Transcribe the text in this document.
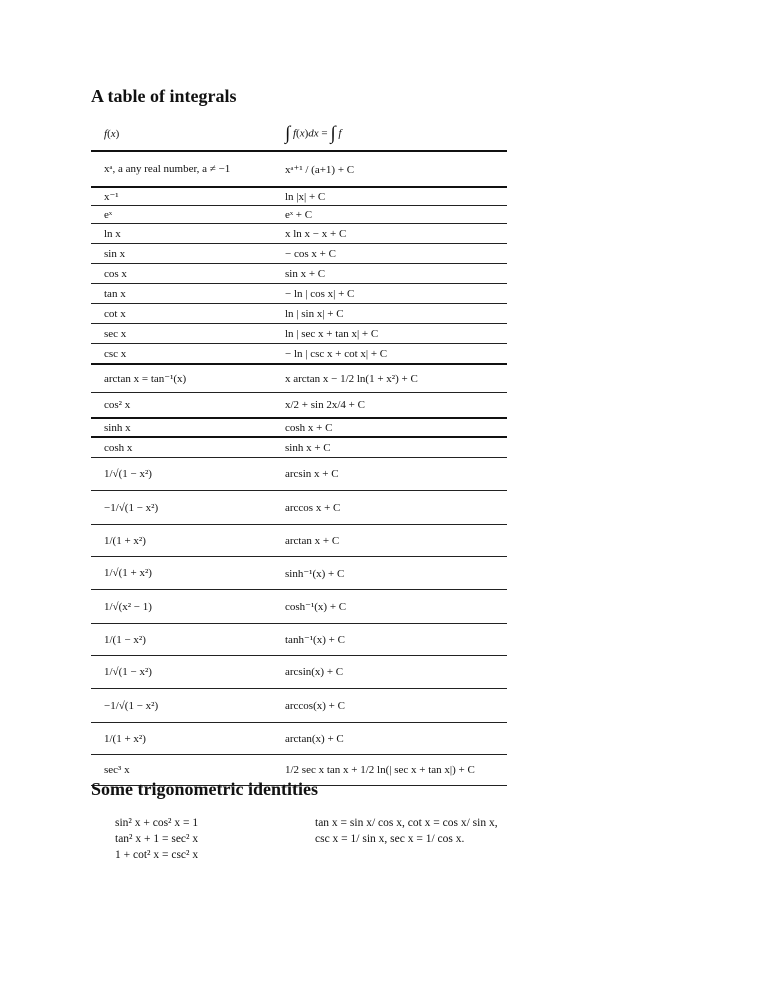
A table of integrals
f(x)	∫ f(x)dx = ∫ f
xᵃ, a any real number, a ≠ −1	xᵃ⁺¹ / (a+1) + C
x⁻¹	ln |x| + C
eˣ	eˣ + C
ln x	x ln x − x + C
sin x	− cos x + C
cos x	sin x + C
tan x	− ln | cos x| + C
cot x	ln | sin x| + C
sec x	ln | sec x + tan x| + C
csc x	− ln | csc x + cot x| + C
arctan x = tan⁻¹(x)	x arctan x − 1/2 ln(1 + x²) + C
cos² x	x/2 + sin 2x/4 + C
sinh x	cosh x + C
cosh x	sinh x + C
1/√(1 − x²)	arcsin x + C
−1/√(1 − x²)	arccos x + C
1/(1 + x²)	arctan x + C
1/√(1 + x²)	sinh⁻¹(x) + C
1/√(x² − 1)	cosh⁻¹(x) + C
1/(1 − x²)	tanh⁻¹(x) + C
1/√(1 − x²)	arcsin(x) + C
−1/√(1 − x²)	arccos(x) + C
1/(1 + x²)	arctan(x) + C
sec³ x	1/2 sec x tan x + 1/2 ln(| sec x + tan x|) + C
Some trigonometric identities
sin² x + cos² x = 1
tan² x + 1 = sec² x
1 + cot² x = csc² x
tan x = sin x/ cos x, cot x = cos x/ sin x,
csc x = 1/ sin x, sec x = 1/ cos x.
